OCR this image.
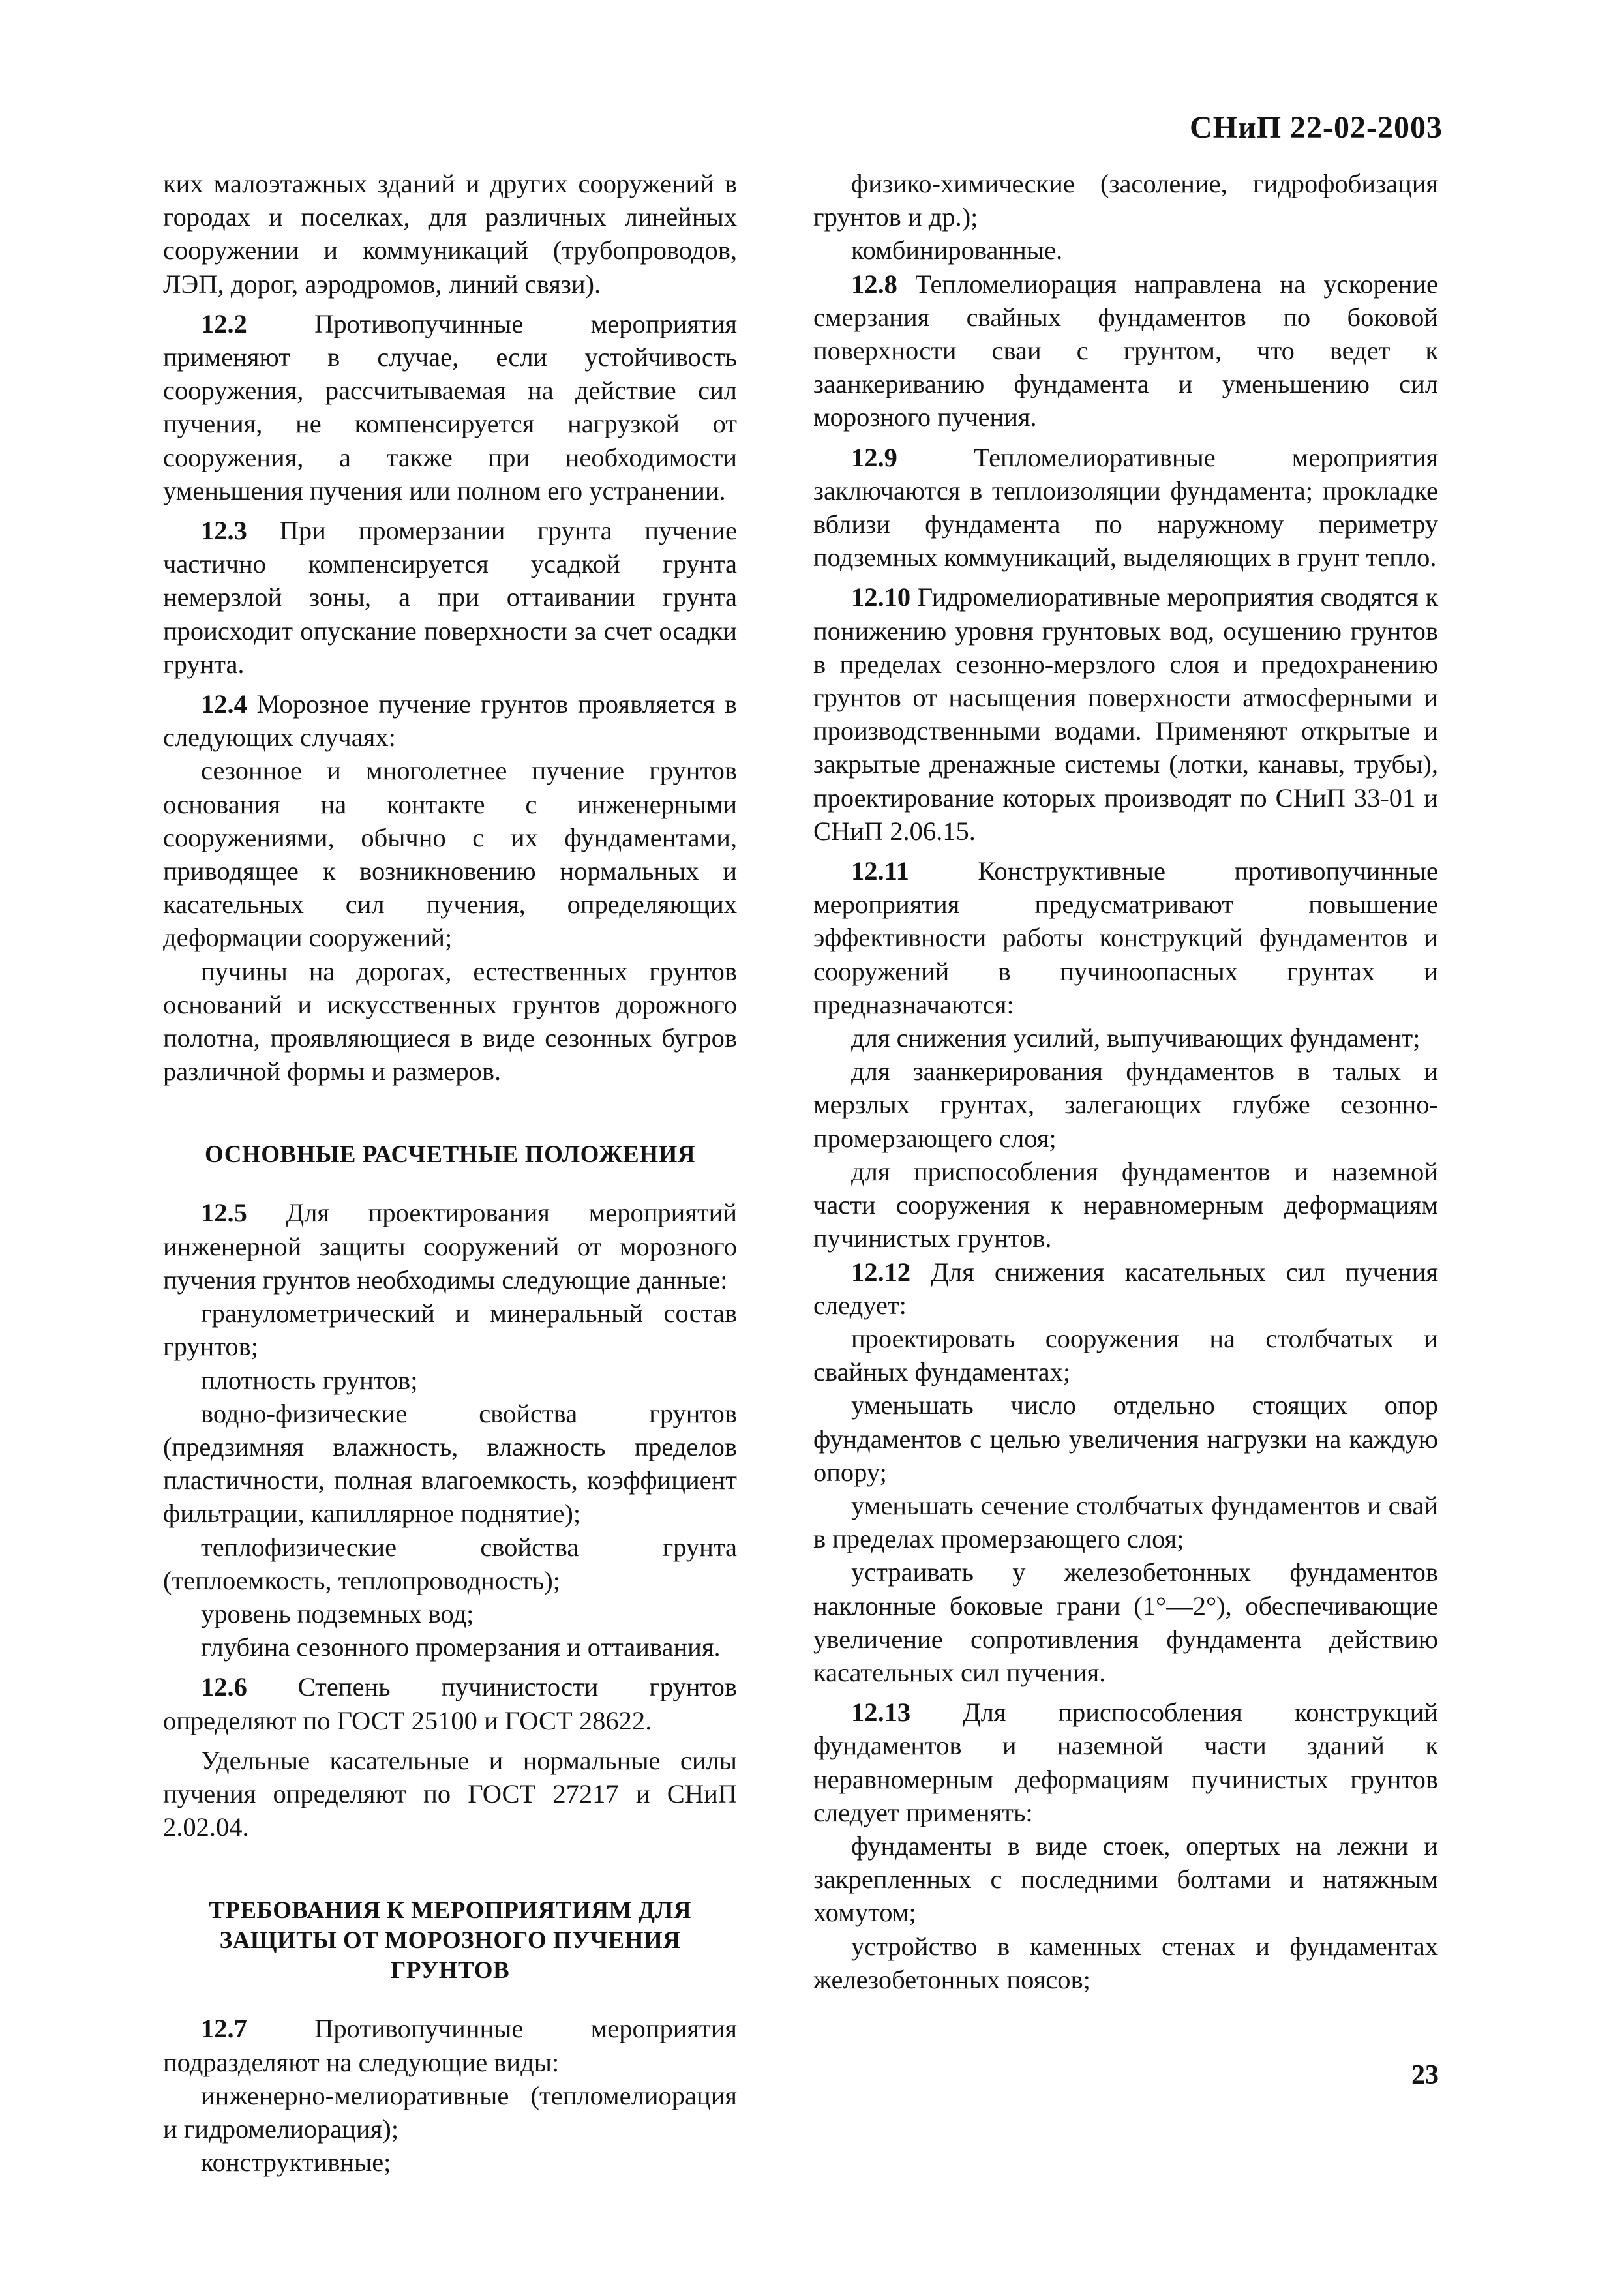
СНиП 22-02-2003

ких малоэтажных зданий и других сооружений в городах и поселках, для различных линейных сооружении и коммуникаций (трубопроводов, ЛЭП, дорог, аэродромов, линий связи).

12.2 Противопучинные мероприятия применяют в случае, если устойчивость сооружения, рассчитываемая на действие сил пучения, не компенсируется нагрузкой от сооружения, а также при необходимости уменьшения пучения или полном его устранении.

12.3 При промерзании грунта пучение частично компенсируется усадкой грунта немерзлой зоны, а при оттаивании грунта происходит опускание поверхности за счет осадки грунта.

12.4 Морозное пучение грунтов проявляется в следующих случаях:

сезонное и многолетнее пучение грунтов основания на контакте с инженерными сооружениями, обычно с их фундаментами, приводящее к возникновению нормальных и касательных сил пучения, определяющих деформации сооружений;

пучины на дорогах, естественных грунтов оснований и искусственных грунтов дорожного полотна, проявляющиеся в виде сезонных бугров различной формы и размеров.

ОСНОВНЫЕ РАСЧЕТНЫЕ ПОЛОЖЕНИЯ

12.5 Для проектирования мероприятий инженерной защиты сооружений от морозного пучения грунтов необходимы следующие данные:

гранулометрический и минеральный состав грунтов;

плотность грунтов;

водно-физические свойства грунтов (предзимняя влажность, влажность пределов пластичности, полная влагоемкость, коэффициент фильтрации, капиллярное поднятие);

теплофизические свойства грунта (теплоемкость, теплопроводность);

уровень подземных вод;

глубина сезонного промерзания и оттаивания.

12.6 Степень пучинистости грунтов определяют по ГОСТ 25100 и ГОСТ 28622.

Удельные касательные и нормальные силы пучения определяют по ГОСТ 27217 и СНиП 2.02.04.

ТРЕБОВАНИЯ К МЕРОПРИЯТИЯМ ДЛЯ ЗАЩИТЫ ОТ МОРОЗНОГО ПУЧЕНИЯ ГРУНТОВ

12.7 Противопучинные мероприятия подразделяют на следующие виды:

инженерно-мелиоративные (тепломелиорация и гидромелиорация);

конструктивные;

физико-химические (засоление, гидрофобизация грунтов и др.);

комбинированные.

12.8 Тепломелиорация направлена на ускорение смерзания свайных фундаментов по боковой поверхности сваи с грунтом, что ведет к заанкериванию фундамента и уменьшению сил морозного пучения.

12.9 Тепломелиоративные мероприятия заключаются в теплоизоляции фундамента; прокладке вблизи фундамента по наружному периметру подземных коммуникаций, выделяющих в грунт тепло.

12.10 Гидромелиоративные мероприятия сводятся к понижению уровня грунтовых вод, осушению грунтов в пределах сезонно-мерзлого слоя и предохранению грунтов от насыщения поверхности атмосферными и производственными водами. Применяют открытые и закрытые дренажные системы (лотки, канавы, трубы), проектирование которых производят по СНиП 33-01 и СНиП 2.06.15.

12.11 Конструктивные противопучинные мероприятия предусматривают повышение эффективности работы конструкций фундаментов и сооружений в пучиноопасных грунтах и предназначаются:

для снижения усилий, выпучивающих фундамент;

для заанкерирования фундаментов в талых и мерзлых грунтах, залегающих глубже сезонно-промерзающего слоя;

для приспособления фундаментов и наземной части сооружения к неравномерным деформациям пучинистых грунтов.

12.12 Для снижения касательных сил пучения следует:

проектировать сооружения на столбчатых и свайных фундаментах;

уменьшать число отдельно стоящих опор фундаментов с целью увеличения нагрузки на каждую опору;

уменьшать сечение столбчатых фундаментов и свай в пределах промерзающего слоя;

устраивать у железобетонных фундаментов наклонные боковые грани (1°—2°), обеспечивающие увеличение сопротивления фундамента действию касательных сил пучения.

12.13 Для приспособления конструкций фундаментов и наземной части зданий к неравномерным деформациям пучинистых грунтов следует применять:

фундаменты в виде стоек, опертых на лежни и закрепленных с последними болтами и натяжным хомутом;

устройство в каменных стенах и фундаментах железобетонных поясов;

23
